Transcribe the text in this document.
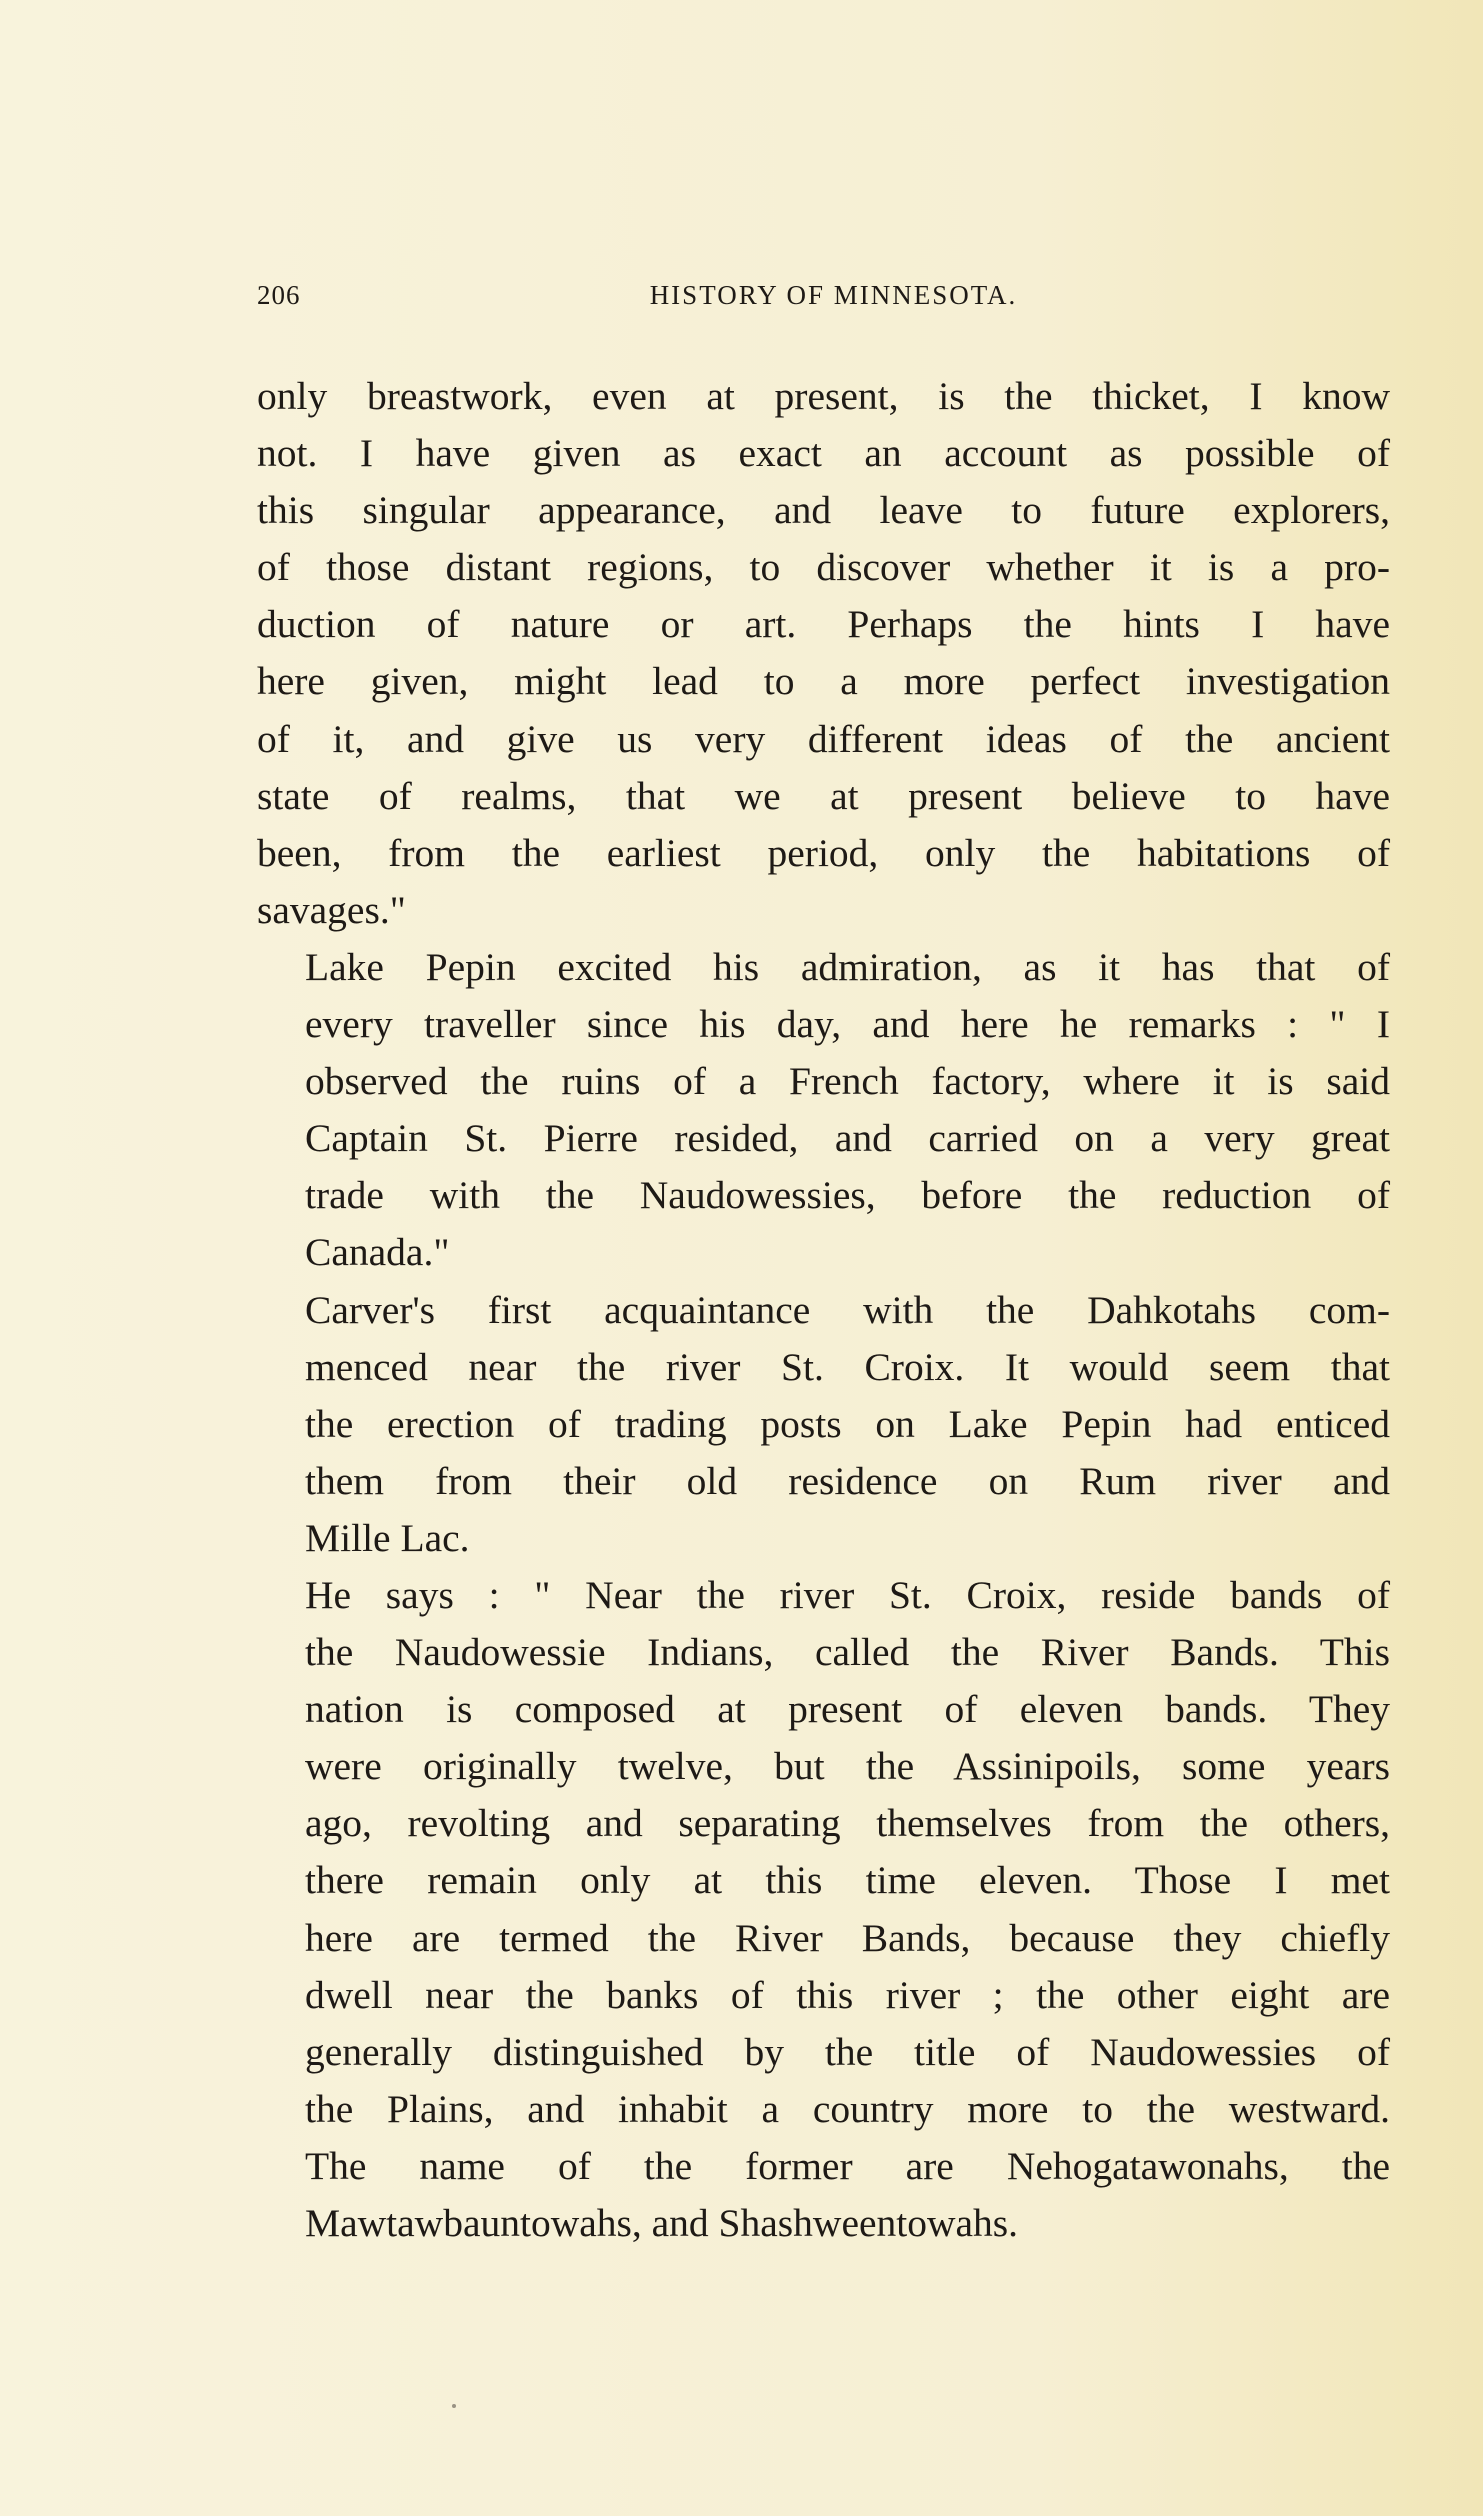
206	HISTORY OF MINNESOTA.
only breastwork, even at present, is the thicket, I know
not. I have given as exact an account as possible of
this singular appearance, and leave to future explorers,
of those distant regions, to discover whether it is a pro-
duction of nature or art. Perhaps the hints I have
here given, might lead to a more perfect investigation
of it, and give us very different ideas of the ancient
state of realms, that we at present believe to have
been, from the earliest period, only the habitations of
savages."
Lake Pepin excited his admiration, as it has that of
every traveller since his day, and here he remarks : " I
observed the ruins of a French factory, where it is said
Captain St. Pierre resided, and carried on a very great
trade with the Naudowessies, before the reduction of
Canada."
Carver's first acquaintance with the Dahkotahs com-
menced near the river St. Croix. It would seem that
the erection of trading posts on Lake Pepin had enticed
them from their old residence on Rum river and
Mille Lac.
He says : " Near the river St. Croix, reside bands of
the Naudowessie Indians, called the River Bands. This
nation is composed at present of eleven bands. They
were originally twelve, but the Assinipoils, some years
ago, revolting and separating themselves from the others,
there remain only at this time eleven. Those I met
here are termed the River Bands, because they chiefly
dwell near the banks of this river ; the other eight are
generally distinguished by the title of Naudowessies of
the Plains, and inhabit a country more to the westward.
The name of the former are Nehogatawonahs, the
Mawtawbauntowahs, and Shashweentowahs.
